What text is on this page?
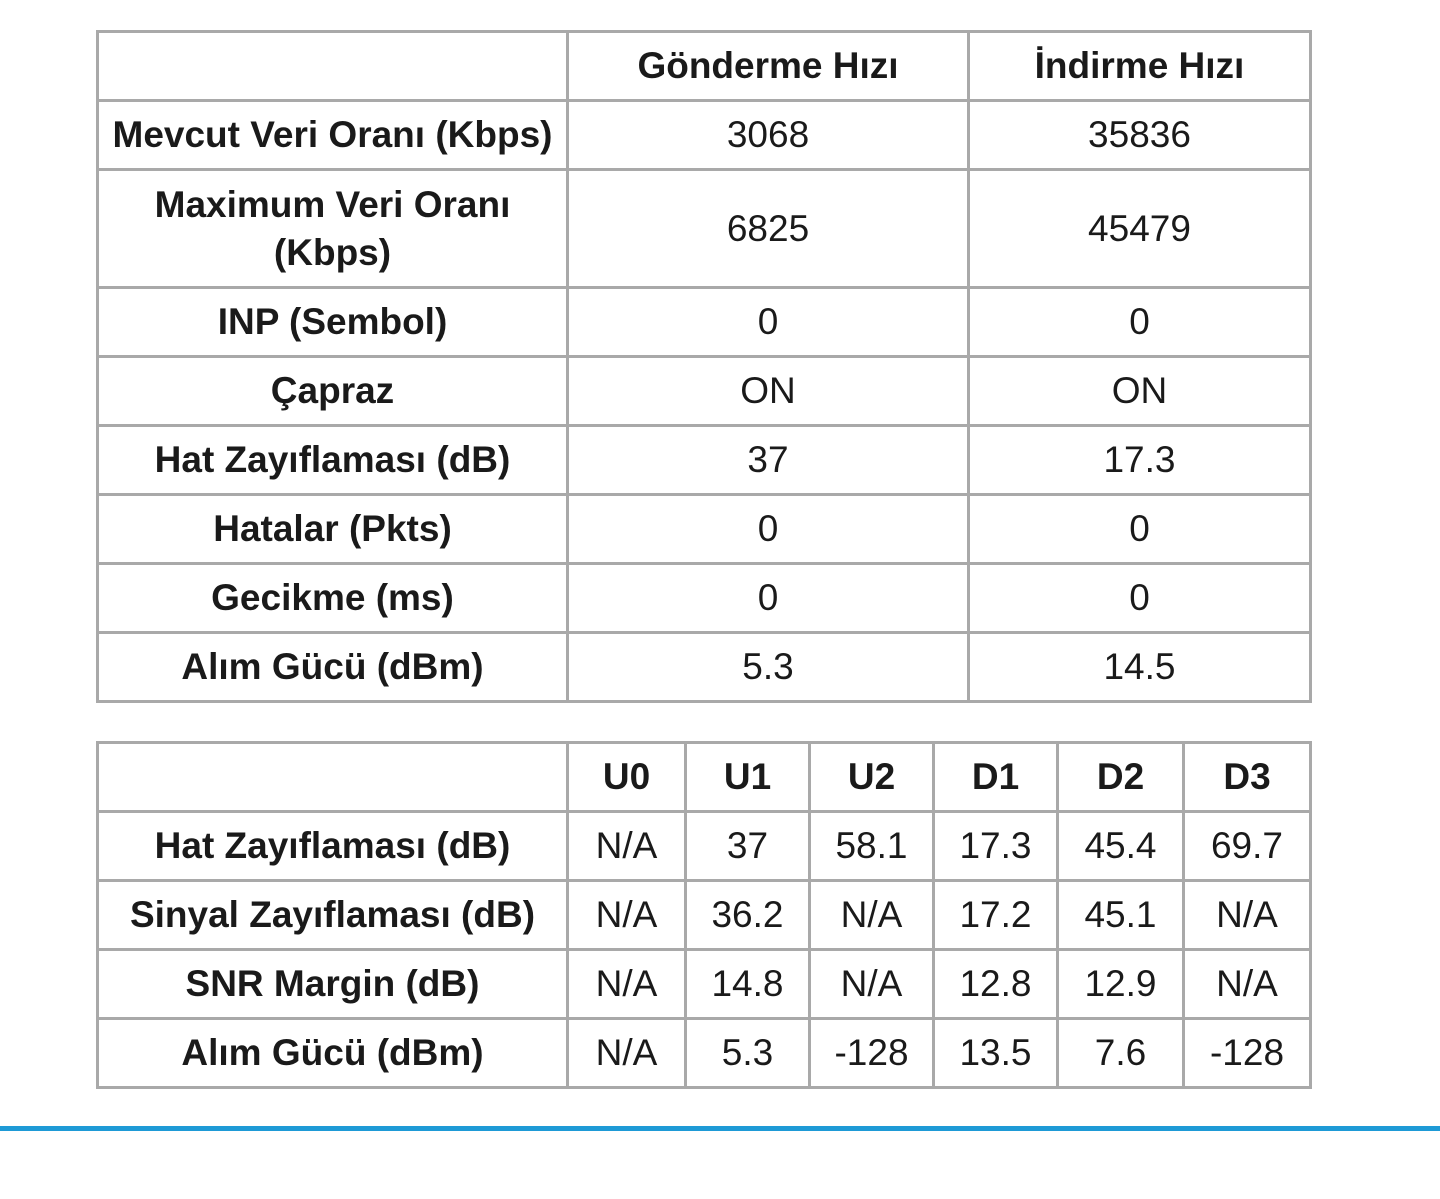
	Gönderme Hızı	İndirme Hızı
Mevcut Veri Oranı (Kbps)	3068	35836
Maximum Veri Oranı (Kbps)	6825	45479
INP (Sembol)	0	0
Çapraz	ON	ON
Hat Zayıflaması (dB)	37	17.3
Hatalar (Pkts)	0	0
Gecikme (ms)	0	0
Alım Gücü (dBm)	5.3	14.5
	U0	U1	U2	D1	D2	D3
Hat Zayıflaması (dB)	N/A	37	58.1	17.3	45.4	69.7
Sinyal Zayıflaması (dB)	N/A	36.2	N/A	17.2	45.1	N/A
SNR Margin (dB)	N/A	14.8	N/A	12.8	12.9	N/A
Alım Gücü (dBm)	N/A	5.3	-128	13.5	7.6	-128
